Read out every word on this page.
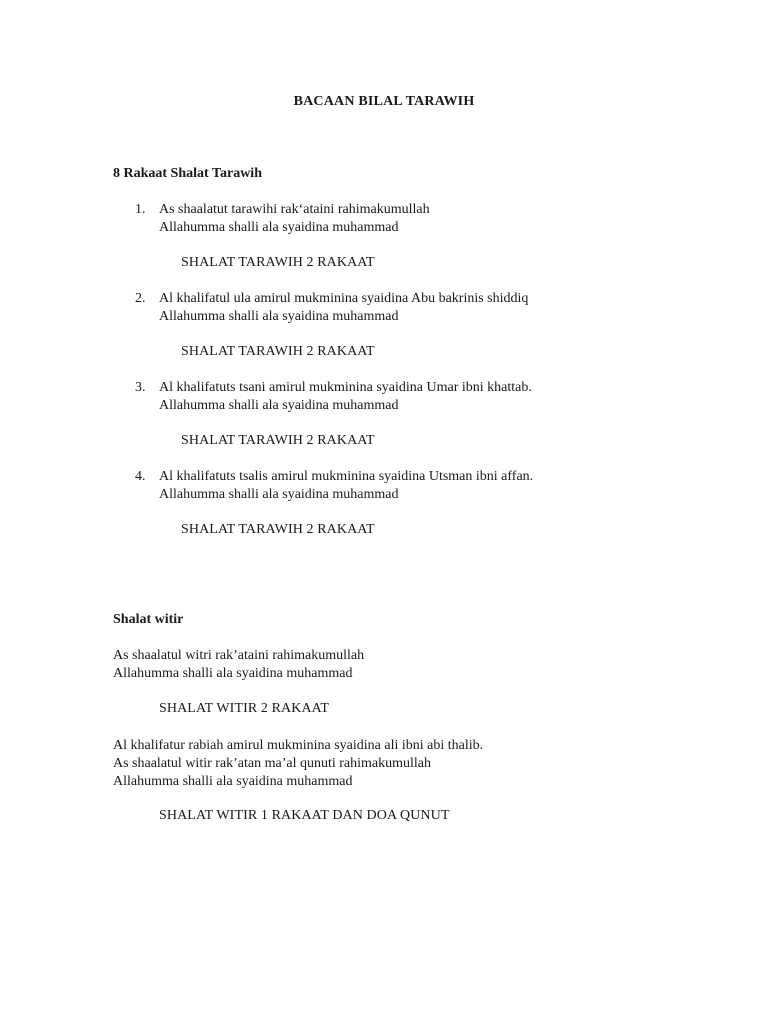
BACAAN BILAL TARAWIH
8 Rakaat Shalat Tarawih
1. As shaalatut tarawihi rak‘ataini rahimakumullah
Allahumma shalli ala syaidina muhammad
SHALAT TARAWIH 2 RAKAAT
2. Al khalifatul ula amirul mukminina syaidina Abu bakrinis shiddiq
Allahumma shalli ala syaidina muhammad
SHALAT TARAWIH 2 RAKAAT
3. Al khalifatuts tsani amirul mukminina syaidina Umar ibni khattab.
Allahumma shalli ala syaidina muhammad
SHALAT TARAWIH 2 RAKAAT
4. Al khalifatuts tsalis amirul mukminina syaidina Utsman ibni affan.
Allahumma shalli ala syaidina muhammad
SHALAT TARAWIH 2 RAKAAT
Shalat witir
As shaalatul witri rak’ataini rahimakumullah
Allahumma shalli ala syaidina muhammad
SHALAT WITIR 2 RAKAAT
Al khalifatur rabiah amirul mukminina syaidina ali ibni abi thalib.
As shaalatul witir rak’atan ma’al qunuti rahimakumullah
Allahumma shalli ala syaidina muhammad
SHALAT WITIR 1 RAKAAT DAN DOA QUNUT
